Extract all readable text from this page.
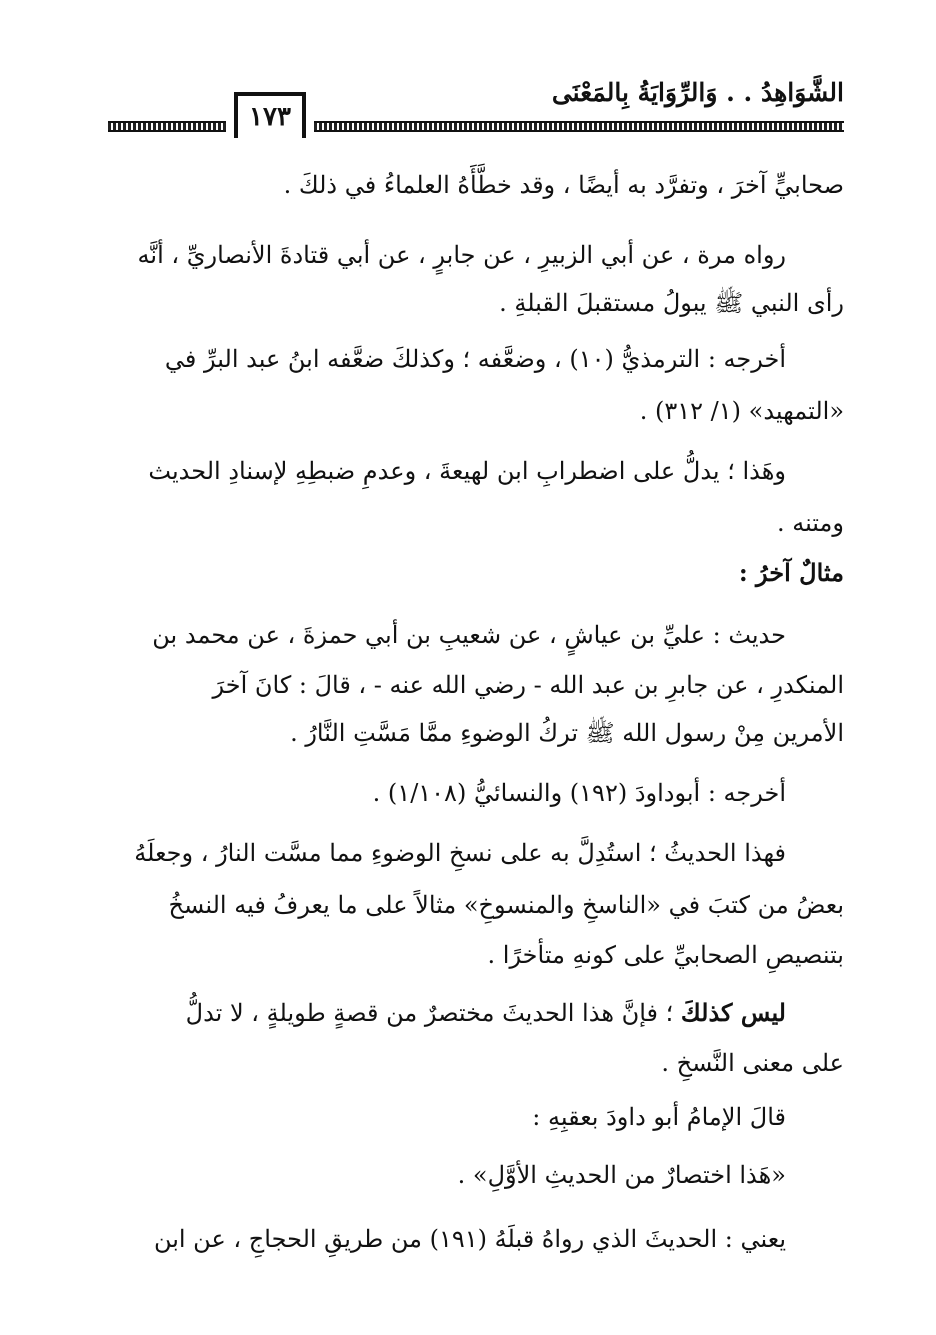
الشَّوَاهِدُ . . وَالرِّوَايَةُ بِالمَعْنَى
١٧٣
صحابيٍّ آخرَ ، وتفرَّد به أيضًا ، وقد خطَّأَهُ العلماءُ في ذلكَ .
رواه مرة ، عن أبي الزبيرِ ، عن جابرٍ ، عن أبي قتادةَ الأنصاريِّ ، أنَّه
رأى النبي ﷺ يبولُ مستقبلَ القبلةِ .
أخرجه : الترمذيُّ (١٠) ، وضعَّفه ؛ وكذلكَ ضعَّفه ابنُ عبد البرِّ في
«التمهيد» (١/ ٣١٢) .
وهَذا ؛ يدلُّ على اضطرابِ ابن لهيعةَ ، وعدمِ ضبطِهِ لإسنادِ الحديث
ومتنه .
مثالٌ آخرُ :
حديث : عليِّ بن عياشٍ ، عن شعيبِ بن أبي حمزةَ ، عن محمد بن
المنكدرِ ، عن جابرِ بن عبد الله - رضي الله عنه - ، قالَ : كانَ آخرَ
الأمرين مِنْ رسول الله ﷺ تركُ الوضوءِ ممَّا مَسَّتِ النَّارُ .
أخرجه : أبوداودَ (١٩٢) والنسائيُّ (١/١٠٨) .
فهذا الحديثُ ؛ استُدِلَّ به على نسخِ الوضوءِ مما مسَّت النارُ ، وجعلَهُ
بعضُ من كتبَ في «الناسخِ والمنسوخِ» مثالاً على ما يعرفُ فيه النسخُ
بتنصيصِ الصحابيِّ على كونهِ متأخرًا .
ليس كذلكَ ؛ فإنَّ هذا الحديثَ مختصرٌ من قصةٍ طويلةٍ ، لا تدلُّ
على معنى النَّسخِ .
قالَ الإمامُ أبو داودَ بعقبِهِ :
«هَذا اختصارٌ من الحديثِ الأوَّلِ» .
يعني : الحديثَ الذي رواهُ قبلَهُ (١٩١) من طريقِ الحجاجِ ، عن ابن
